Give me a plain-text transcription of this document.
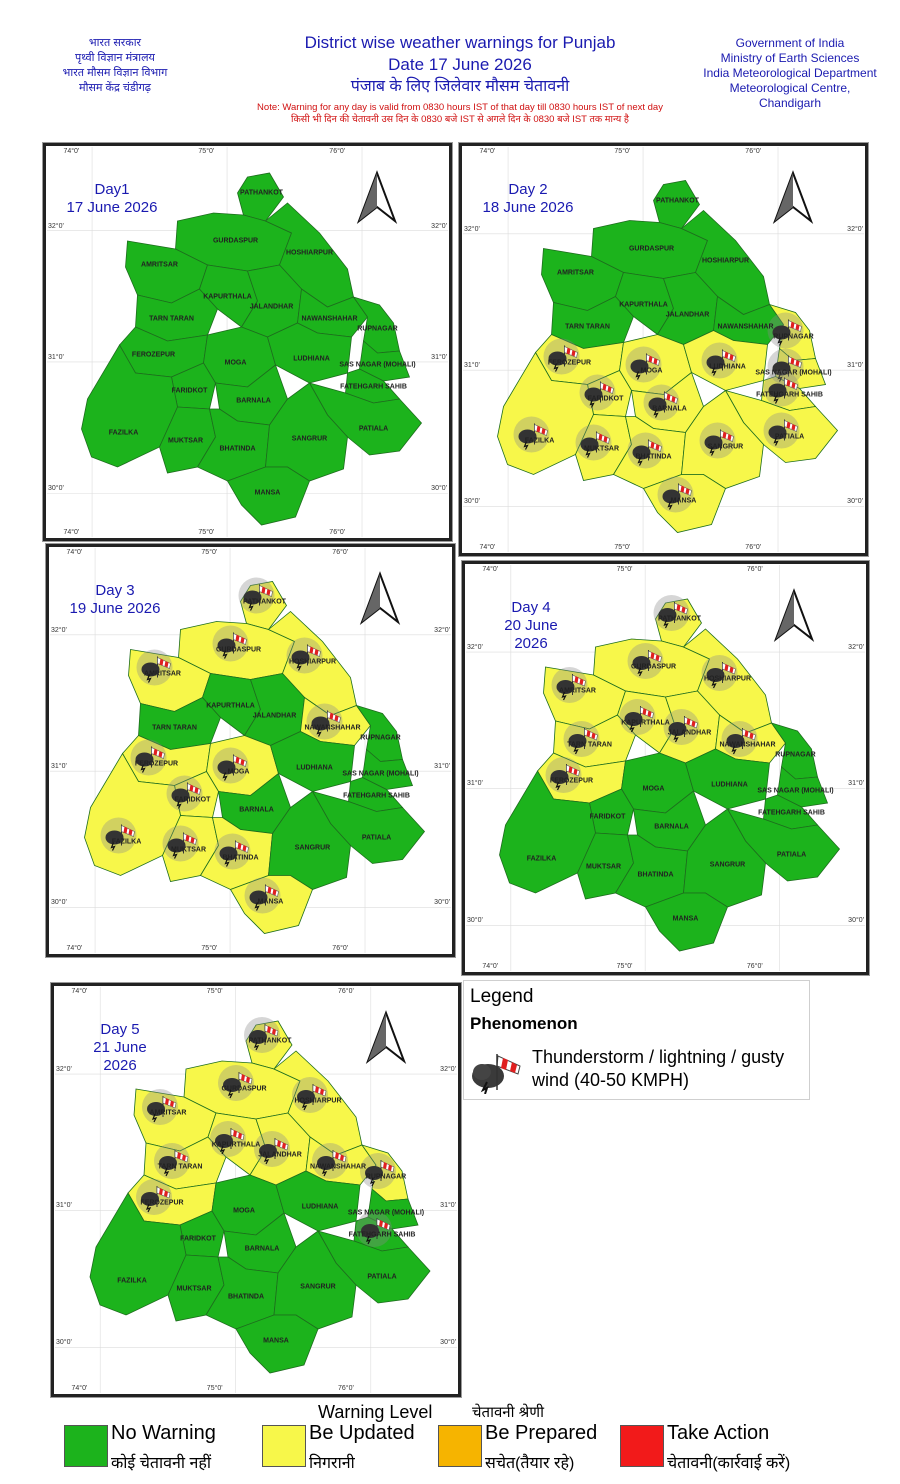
भारत सरकार
पृथ्वी विज्ञान मंत्रालय
भारत मौसम विज्ञान विभाग
मौसम केंद्र चंडीगढ़
District wise weather warnings for Punjab
Date 17 June 2026
पंजाब के लिए जिलेवार मौसम चेतावनी
Note: Warning for any day is valid from 0830 hours IST of that day till 0830 hours IST of next day
किसी भी दिन की चेतावनी उस दिन के 0830 बजे IST से अगले दिन के 0830 बजे IST तक मान्य है
Government of India
Ministry of Earth Sciences
India Meteorological Department
Meteorological Centre,
Chandigarh
PATHANKOT
GURDASPUR
AMRITSAR
HOSHIARPUR
TARN TARAN
KAPURTHALA
JALANDHAR
NAWANSHAHAR
RUPNAGAR
FEROZEPUR
MOGA
LUDHIANA
SAS NAGAR (MOHALI)
FATEHGARH SAHIB
FARIDKOT
FAZILKA
MUKTSAR
BARNALA
PATIALA
BHATINDA
SANGRUR
MANSA
74°0'
74°0'
75°0'
75°0'
76°0'
76°0'
32°0'	32°0'
31°0'	31°0'
30°0'	30°0'
Day1
17 June 2026	PATHANKOT
GURDASPUR
AMRITSAR
HOSHIARPUR
TARN TARAN
KAPURTHALA
JALANDHAR
NAWANSHAHAR
RUPNAGAR
FEROZEPUR
MOGA
LUDHIANA
SAS NAGAR (MOHALI)
FATEHGARH SAHIB
FARIDKOT
FAZILKA
MUKTSAR
BARNALA
PATIALA
BHATINDA
SANGRUR
MANSA
74°0'
74°0'
75°0'
75°0'
76°0'
76°0'
32°0'	32°0'
31°0'	31°0'
30°0'	30°0'
Day 2
18 June 2026
PATHANKOT
GURDASPUR
AMRITSAR
HOSHIARPUR
TARN TARAN
KAPURTHALA
JALANDHAR
NAWANSHAHAR
RUPNAGAR
FEROZEPUR
MOGA
LUDHIANA
SAS NAGAR (MOHALI)
FATEHGARH SAHIB
FARIDKOT
FAZILKA
MUKTSAR
BARNALA
PATIALA
BHATINDA
SANGRUR
MANSA
74°0'
74°0'
75°0'
75°0'
76°0'
76°0'
32°0'	32°0'
31°0'	31°0'
30°0'	30°0'
Day 3
19 June 2026
PATHANKOT
GURDASPUR
AMRITSAR
HOSHIARPUR
TARN TARAN
KAPURTHALA
JALANDHAR
NAWANSHAHAR
RUPNAGAR
FEROZEPUR
MOGA
LUDHIANA
SAS NAGAR (MOHALI)
FATEHGARH SAHIB
FARIDKOT
FAZILKA
MUKTSAR
BARNALA
PATIALA
BHATINDA
SANGRUR
MANSA
74°0'
74°0'
75°0'
75°0'
76°0'
76°0'
32°0'	32°0'
31°0'	31°0'
30°0'	30°0'
Day 4
20 June
2026
PATHANKOT
GURDASPUR
AMRITSAR
HOSHIARPUR
TARN TARAN
KAPURTHALA
JALANDHAR
NAWANSHAHAR
RUPNAGAR
FEROZEPUR
MOGA
LUDHIANA
SAS NAGAR (MOHALI)
FATEHGARH SAHIB
FARIDKOT
FAZILKA
MUKTSAR
BARNALA
PATIALA
BHATINDA
SANGRUR
MANSA
74°0'
74°0'
75°0'
75°0'
76°0'
76°0'
32°0'	32°0'
31°0'	31°0'
30°0'	30°0'
Day 5
21 June
2026
Legend
Phenomenon
Thunderstorm / lightning / gusty wind (40-50 KMPH)
Warning Level	चेतावनी श्रेणी
No Warning
कोई चेतावनी नहीं
Be Updated
निगरानी
Be Prepared
सचेत(तैयार रहे)
Take Action
चेतावनी(कार्रवाई करें)
